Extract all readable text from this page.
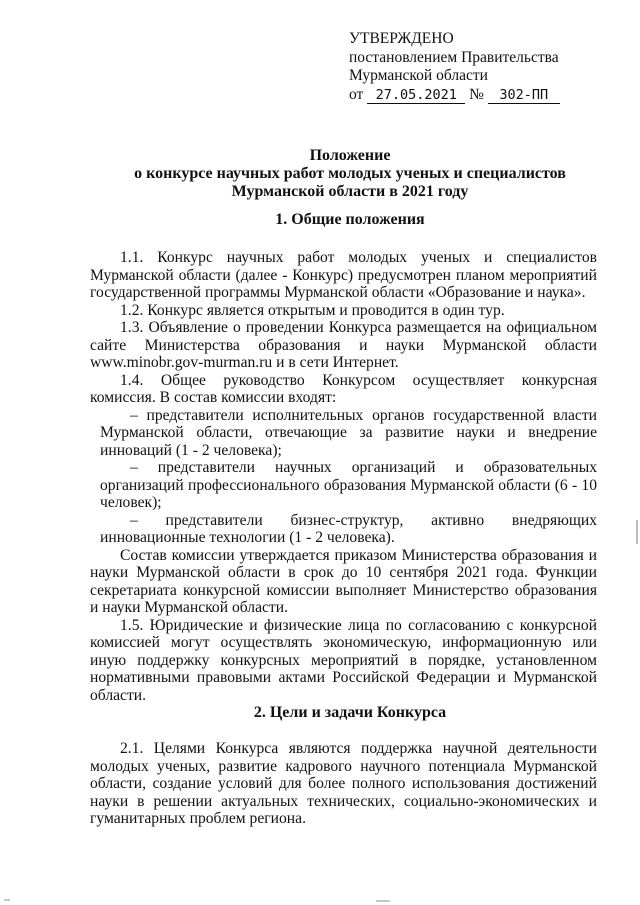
УТВЕРЖДЕНО
постановлением Правительства
Мурманской области
от 27.05.2021 № 302-ПП
Положение
о конкурсе научных работ молодых ученых и специалистов
Мурманской области в 2021 году
1. Общие положения

1.1. Конкурс научных работ молодых ученых и специалистов Мурманской области (далее - Конкурс) предусмотрен планом мероприятий государственной программы Мурманской области «Образование и наука».

1.2. Конкурс является открытым и проводится в один тур.

1.3. Объявление о проведении Конкурса размещается на официальном сайте Министерства образования и науки Мурманской области www.minobr.gov-murman.ru и в сети Интернет.

1.4. Общее руководство Конкурсом осуществляет конкурсная комиссия. В состав комиссии входят:

– представители исполнительных органов государственной власти Мурманской области, отвечающие за развитие науки и внедрение инноваций (1 - 2 человека);

– представители научных организаций и образовательных организаций профессионального образования Мурманской области (6 - 10 человек);

– представители бизнес-структур, активно внедряющих инновационные технологии (1 - 2 человека).

Состав комиссии утверждается приказом Министерства образования и науки Мурманской области в срок до 10 сентября 2021 года. Функции секретариата конкурсной комиссии выполняет Министерство образования и науки Мурманской области.

1.5. Юридические и физические лица по согласованию с конкурсной комиссией могут осуществлять экономическую, информационную или иную поддержку конкурсных мероприятий в порядке, установленном нормативными правовыми актами Российской Федерации и Мурманской области.

2. Цели и задачи Конкурса

2.1. Целями Конкурса являются поддержка научной деятельности молодых ученых, развитие кадрового научного потенциала Мурманской области, создание условий для более полного использования достижений науки в решении актуальных технических, социально-экономических и гуманитарных проблем региона.
